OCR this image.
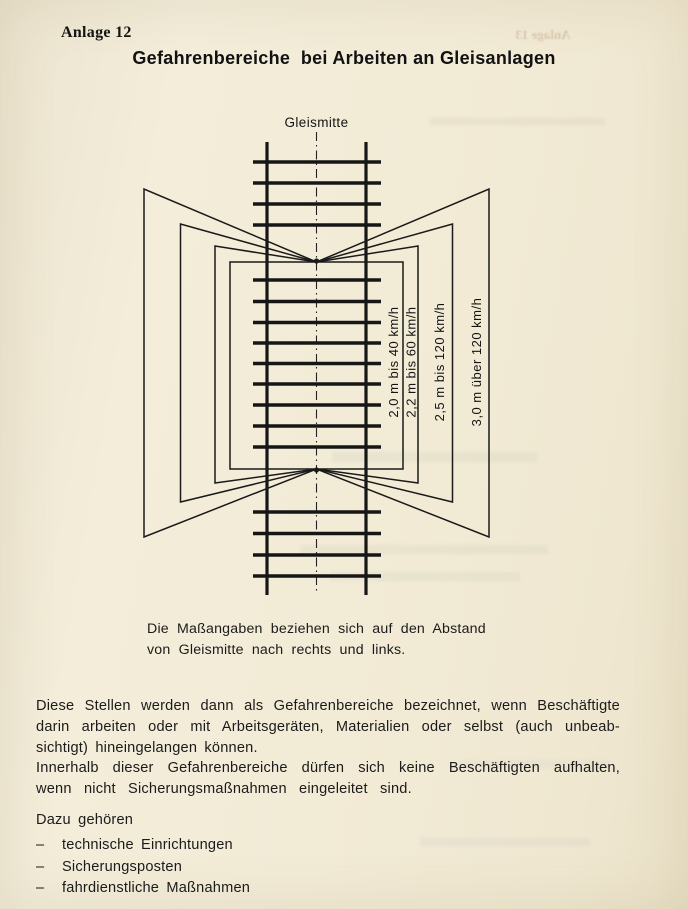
Anlage 12	Anlage 13
Gefahrenbereiche  bei Arbeiten an Gleisanlagen
Gleismitte
2,0 m bis 40 km/h 2,2 m bis 60 km/h 2,5 m bis 120 km/h 3,0 m über 120 km/h
Die Maßangaben beziehen sich auf den Abstand
von Gleismitte nach rechts und links.
Diese Stellen werden dann als Gefahrenbereiche bezeichnet, wenn Beschäftigte
darin arbeiten oder mit Arbeitsgeräten, Materialien oder selbst (auch unbeab-
sichtigt) hineingelangen können.
Innerhalb dieser Gefahrenbereiche dürfen sich keine Beschäftigten aufhalten,
wenn nicht Sicherungsmaßnahmen eingeleitet sind.
Dazu gehören
–	technische Einrichtungen
–	Sicherungsposten
–	fahrdienstliche Maßnahmen
